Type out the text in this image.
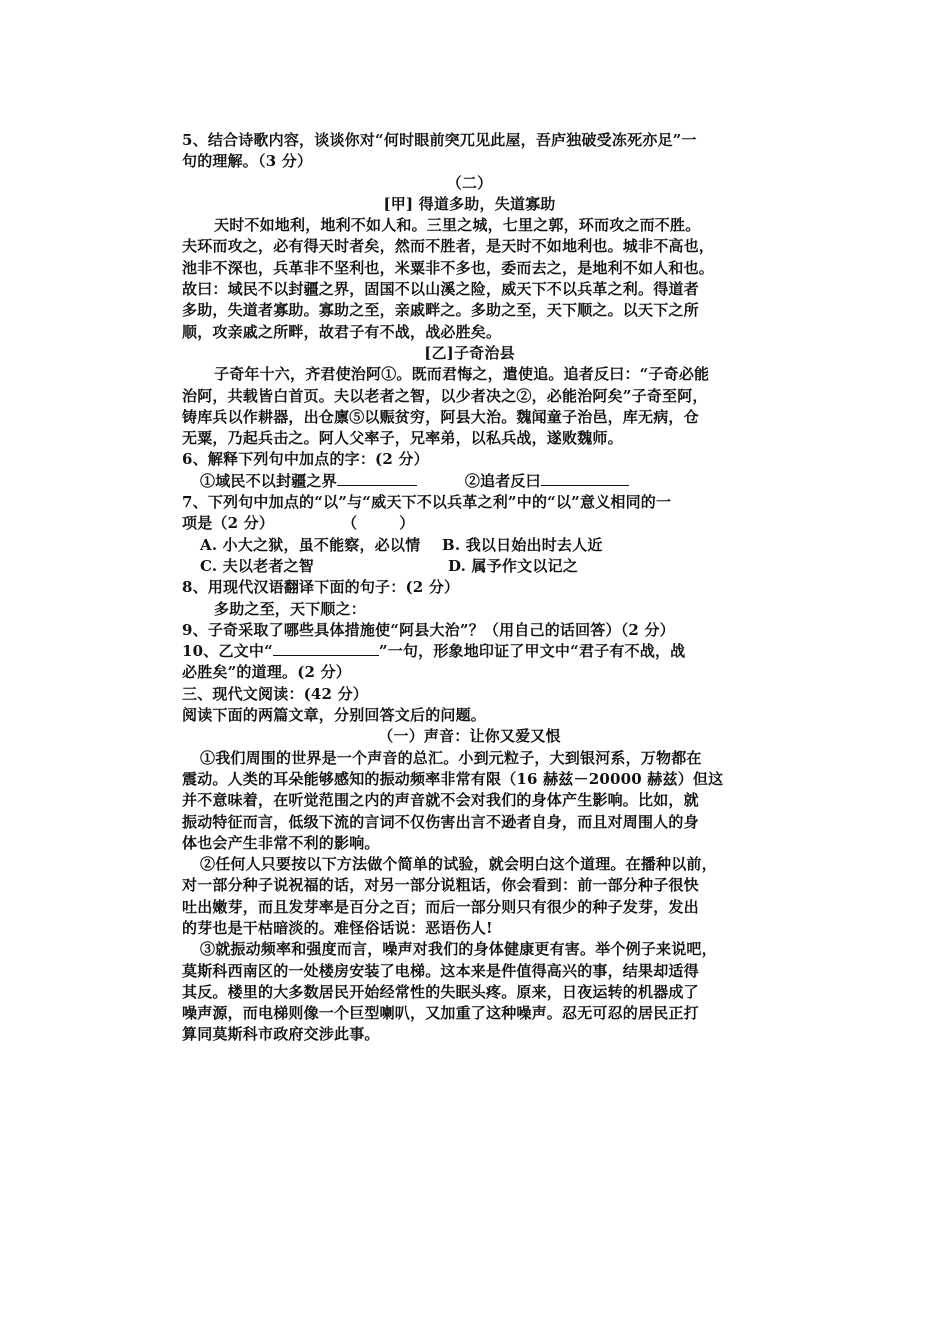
5、结合诗歌内容，谈谈你对“何时眼前突兀见此屋，吾庐独破受冻死亦足”一
句的理解。（3 分）
（二）
[甲] 得道多助，失道寡助
天时不如地利，地利不如人和。三里之城，七里之郭，环而攻之而不胜。
夫环而攻之，必有得天时者矣，然而不胜者，是天时不如地利也。城非不高也，
池非不深也，兵革非不坚利也，米粟非不多也，委而去之，是地利不如人和也。
故曰：域民不以封疆之界，固国不以山溪之险，威天下不以兵革之利。得道者
多助，失道者寡助。寡助之至，亲戚畔之。多助之至，天下顺之。以天下之所
顺，攻亲戚之所畔，故君子有不战，战必胜矣。
[乙]子奇治县
子奇年十六，齐君使治阿①。既而君悔之，遣使追。追者反曰：“子奇必能
治阿，共载皆白首页。夫以老者之智，以少者决之②，必能治阿矣”子奇至阿，
铸库兵以作耕器，出仓廪⑤以赈贫穷，阿县大治。魏闻童子治邑，库无病，仓
无粟，乃起兵击之。阿人父率子，兄率弟，以私兵战，遂败魏师。
6、解释下列句中加点的字：(2 分）
①域民不以封疆之界	②追者反曰
7、下列句中加点的“以”与“威天下不以兵革之利”中的“以”意义相同的一
项是（2 分）	（	）
A. 小大之狱，虽不能察，必以情 B. 我以日始出时去人近
C. 夫以老者之智	D. 属予作文以记之
8、用现代汉语翻译下面的句子：(2 分）
多助之至，天下顺之：
9、子奇采取了哪些具体措施使“阿县大治”？（用自己的话回答）（2 分）
10、乙文中“	”一句，形象地印证了甲文中“君子有不战，战
必胜矣”的道理。(2 分）
三、现代文阅读：(42 分）
阅读下面的两篇文章，分别回答文后的问题。
（一）声音：让你又爱又恨
①我们周围的世界是一个声音的总汇。小到元粒子，大到银河系，万物都在
震动。人类的耳朵能够感知的振动频率非常有限（16 赫兹－20000 赫兹）但这
并不意味着，在听觉范围之内的声音就不会对我们的身体产生影响。比如，就
振动特征而言，低级下流的言词不仅伤害出言不逊者自身，而且对周围人的身
体也会产生非常不利的影响。
②任何人只要按以下方法做个简单的试验，就会明白这个道理。在播种以前，
对一部分种子说祝福的话，对另一部分说粗话，你会看到：前一部分种子很快
吐出嫩芽，而且发芽率是百分之百；而后一部分则只有很少的种子发芽，发出
的芽也是干枯暗淡的。难怪俗话说：恶语伤人!
③就振动频率和强度而言，噪声对我们的身体健康更有害。举个例子来说吧，
莫斯科西南区的一处楼房安装了电梯。这本来是件值得高兴的事，结果却适得
其反。楼里的大多数居民开始经常性的失眠头疼。原来，日夜运转的机器成了
噪声源，而电梯则像一个巨型喇叭，又加重了这种噪声。忍无可忍的居民正打
算同莫斯科市政府交涉此事。
